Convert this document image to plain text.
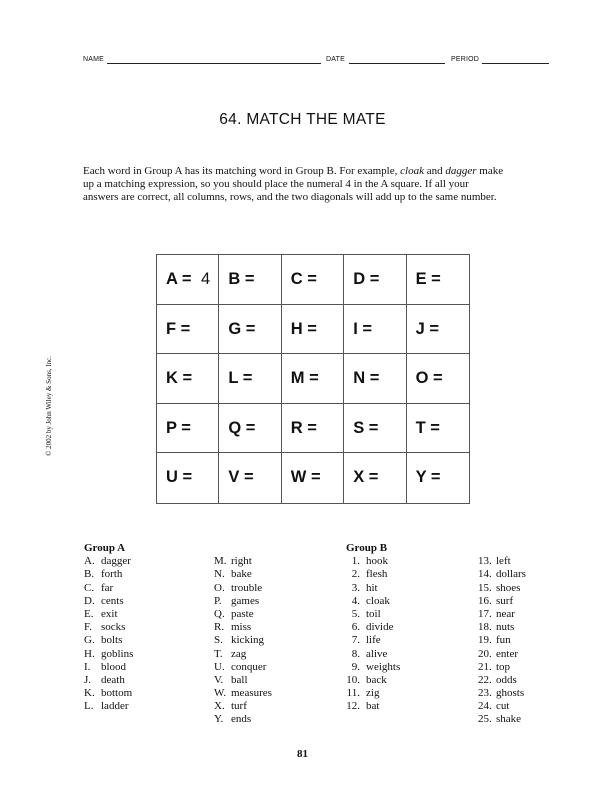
NAME	DATE	PERIOD
64. MATCH THE MATE

Each word in Group A has its matching word in Group B. For example, cloak and dagger make

up a matching expression, so you should place the numeral 4 in the A square. If all your

answers are correct, all columns, rows, and the two diagonals will add up to the same number.

© 2002 by John Wiley & Sons, Inc.
A = 4 B = C = D = E =
F = G = H = I =	J =
K = L = M = N = O =
P = Q = R = S = T =
U = V = W = X = Y =
Group A
A. dagger
B. forth
C. far
D. cents
E. exit
F. socks
G. bolts
H. goblins
I. blood
J. death
K. bottom
L. ladder
M. right
N. bake
O. trouble
P. games
Q. paste
R. miss
S. kicking
T. zag
U. conquer
V. ball
W. measures
X. turf
Y. ends
Group B
1. hook
2. flesh
3. hit
4. cloak
5. toil
6. divide
7. life
8. alive
9. weights
10. back
11. zig
12. bat
13. left
14. dollars
15. shoes
16. surf
17. near
18. nuts
19. fun
20. enter
21. top
22. odds
23. ghosts
24. cut
25. shake
81
